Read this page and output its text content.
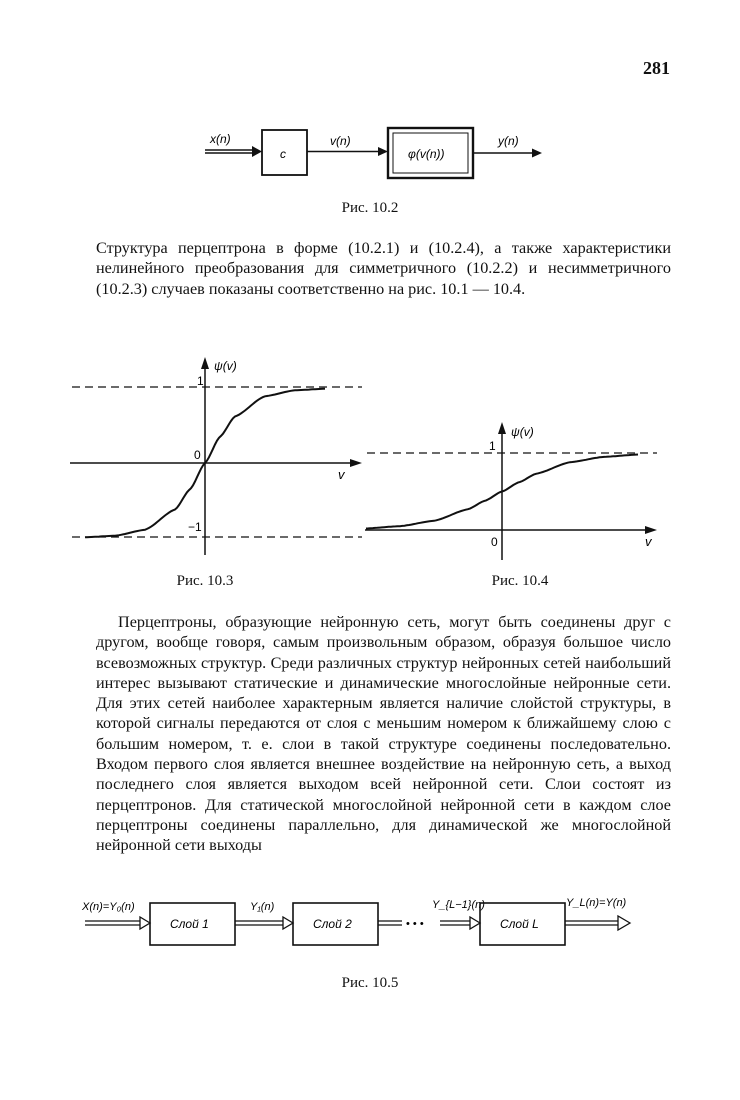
281
x(n)
c
v(n)
φ(v(n))
y(n)
Рис. 10.2
Структура перцептрона в форме (10.2.1) и (10.2.4), а также характеристики нелинейного преобразования для симметричного (10.2.2) и несимметричного (10.2.3) случаев показаны соответственно на рис. 10.1 — 10.4.
ψ(v)
v
1
0
−1
Рис. 10.3
ψ(v)
v
1
0
Рис. 10.4
Перцептроны, образующие нейронную сеть, могут быть соединены друг с другом, вообще говоря, самым произвольным образом, образуя большое число всевозможных структур. Среди различных структур нейронных сетей наибольший интерес вызывают статические и динамические многослойные нейронные сети. Для этих сетей наиболее характерным является наличие слойстой структуры, в которой сигналы передаются от слоя с меньшим номером к ближайшему слою с большим номером, т. е. слои в такой структуре соединены последовательно. Входом первого слоя является внешнее воздействие на нейронную сеть, а выход последнего слоя является выходом всей нейронной сети. Слои состоят из перцептронов. Для статической многослойной нейронной сети в каждом слое перцептроны соединены параллельно, для динамической же многослойной нейронной сети выходы
X(n)=Y₀(n)
Слой 1
Y₁(n)
Слой 2	• • •
Y_{L−1}(n)
Слой L
Y_L(n)=Y(n)
Рис. 10.5
